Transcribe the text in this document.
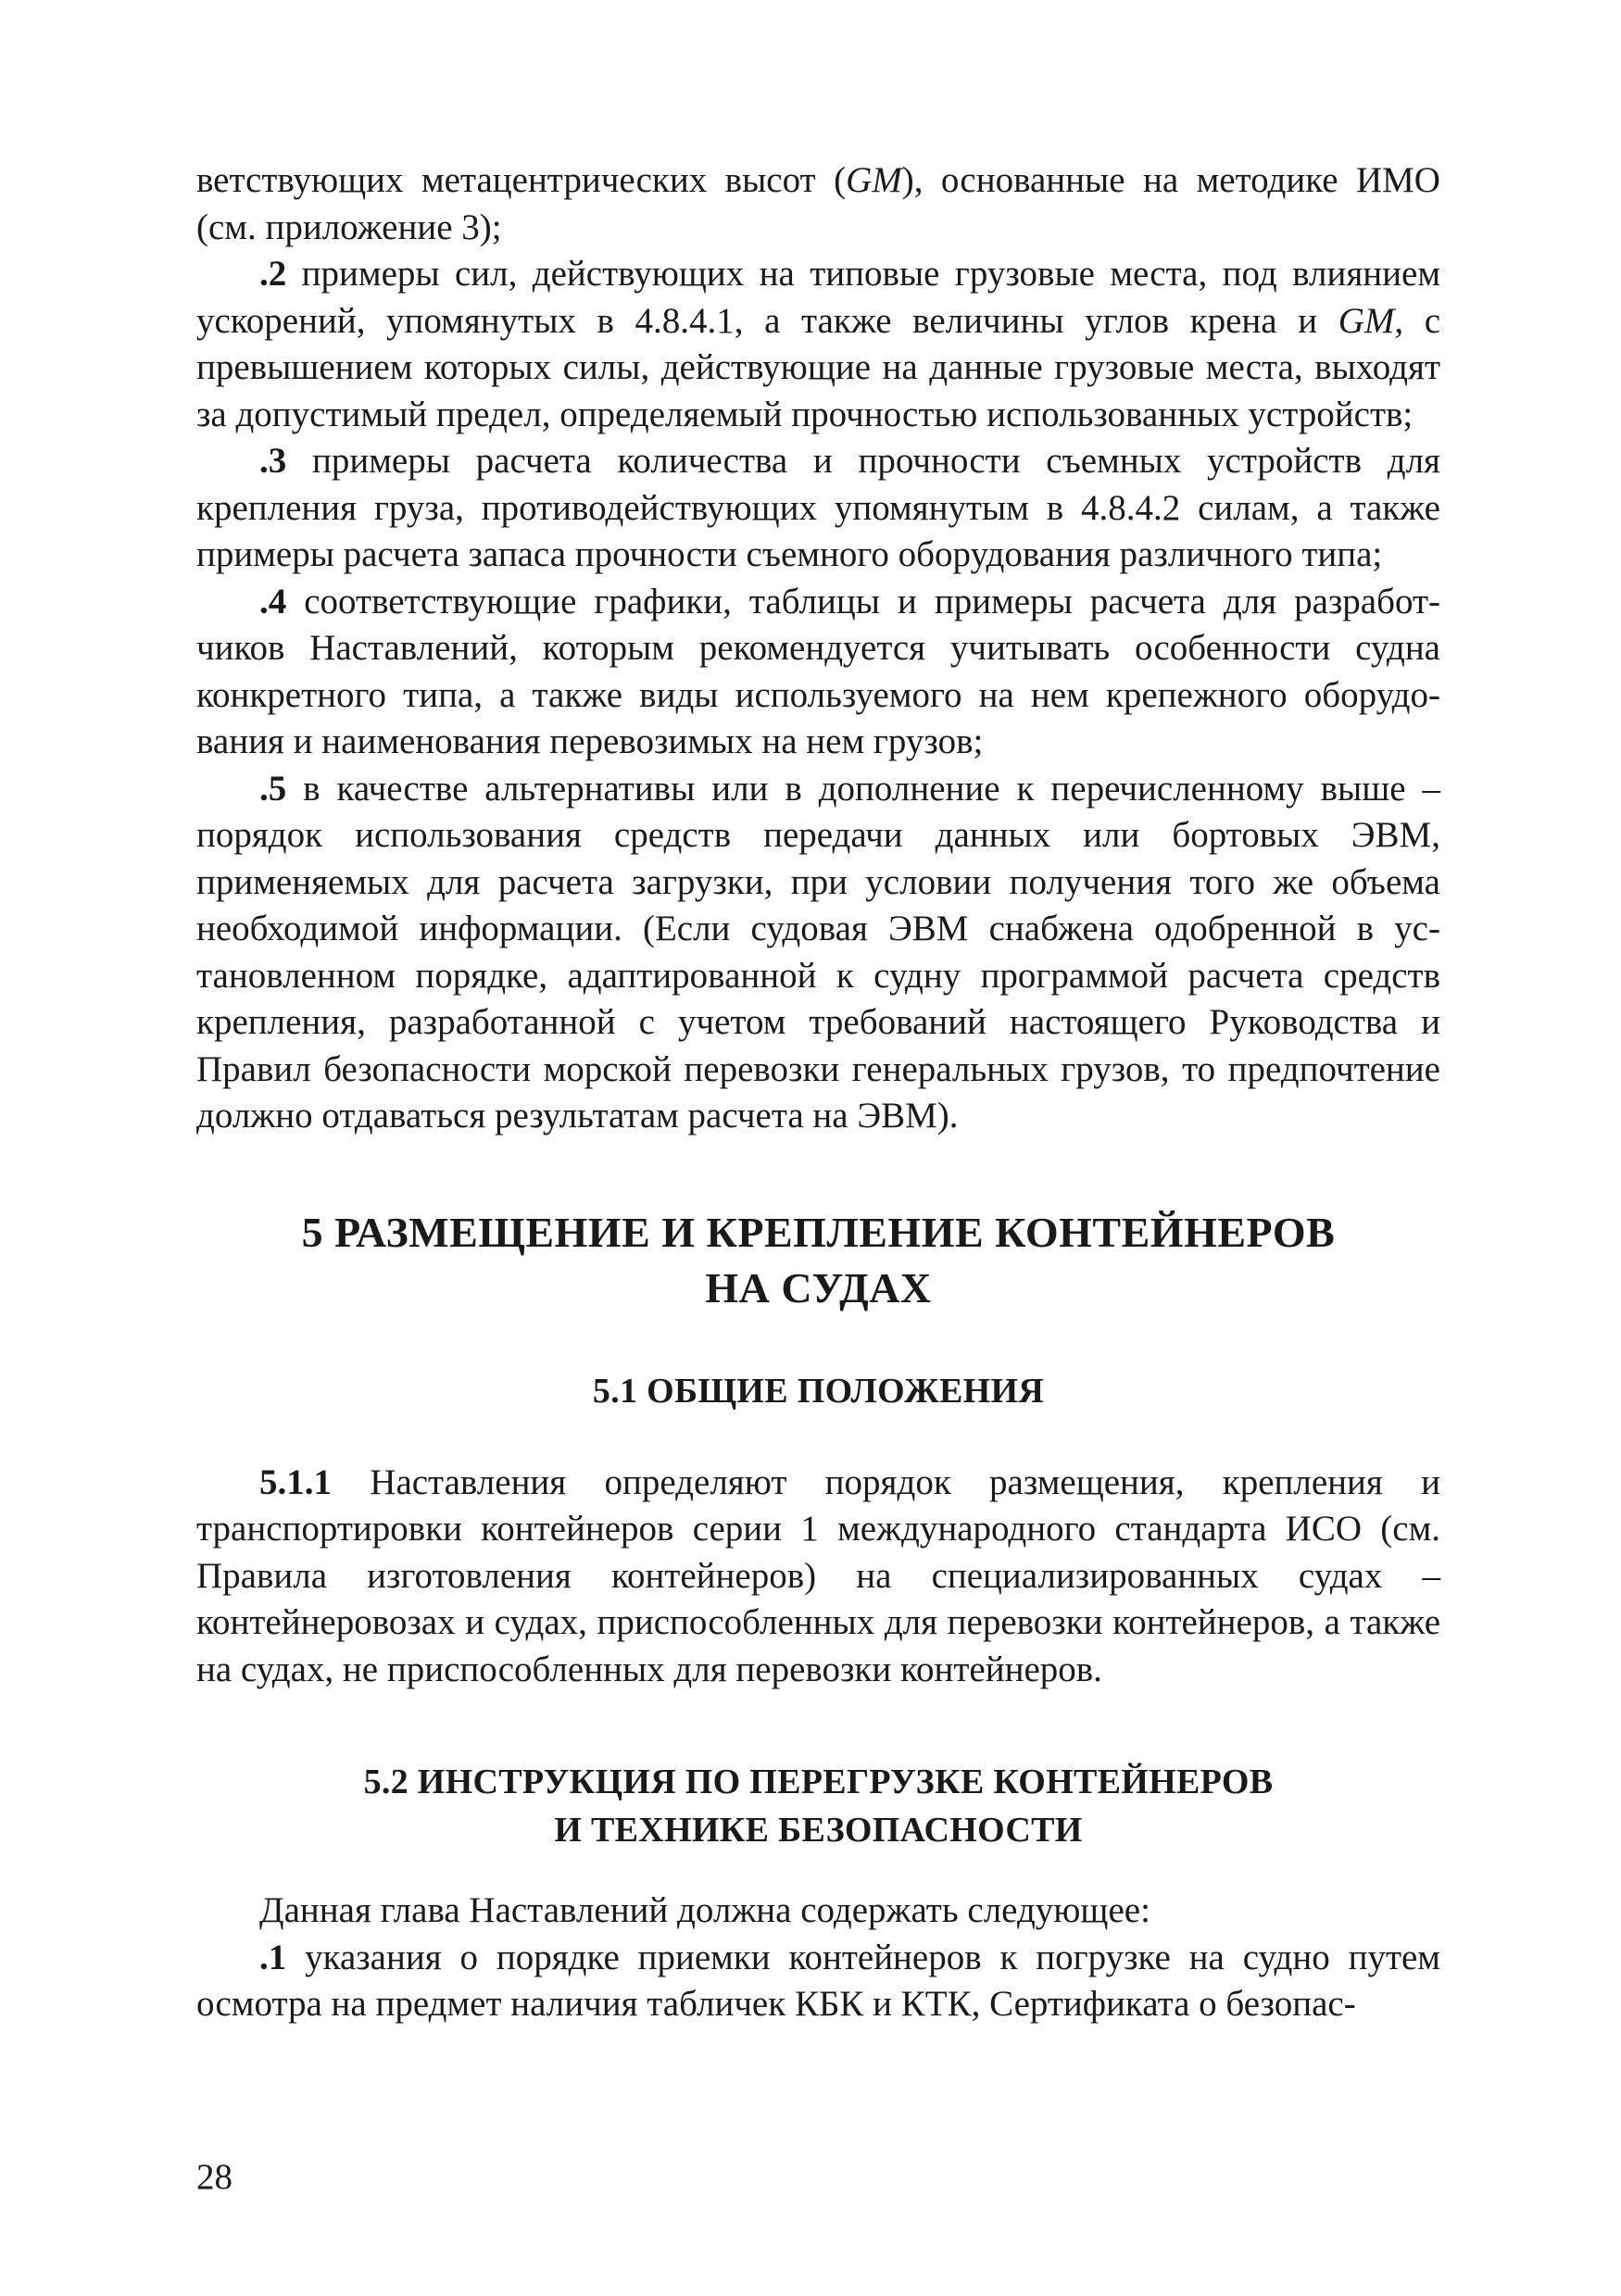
ветствующих метацентрических высот (GM), основанные на методике ИМО (см. приложение 3);

.2 примеры сил, действующих на типовые грузовые места, под влиянием ускорений, упомянутых в 4.8.4.1, а также величины углов крена и GM, с превышением которых силы, действующие на данные грузовые места, выходят за допустимый предел, определяемый прочностью использованных устройств;

.3 примеры расчета количества и прочности съемных устройств для крепления груза, противодействующих упомянутым в 4.8.4.2 силам, а также примеры расчета запаса прочности съемного оборудования различного типа;

.4 соответствующие графики, таблицы и примеры расчета для разработчиков Наставлений, которым рекомендуется учитывать особенности судна конкретного типа, а также виды используемого на нем крепежного оборудования и наименования перевозимых на нем грузов;

.5 в качестве альтернативы или в дополнение к перечисленному выше – порядок использования средств передачи данных или бортовых ЭВМ, применяемых для расчета загрузки, при условии получения того же объема необходимой информации. (Если судовая ЭВМ снабжена одобренной в установленном порядке, адаптированной к судну программой расчета средств крепления, разработанной с учетом требований настоящего Руководства и Правил безопасности морской перевозки генеральных грузов, то предпочтение должно отдаваться результатам расчета на ЭВМ).

5 РАЗМЕЩЕНИЕ И КРЕПЛЕНИЕ КОНТЕЙНЕРОВ
НА СУДАХ
5.1 ОБЩИЕ ПОЛОЖЕНИЯ

5.1.1 Наставления определяют порядок размещения, крепления и транспортировки контейнеров серии 1 международного стандарта ИСО (см. Правила изготовления контейнеров) на специализированных судах – контейнеровозах и судах, приспособленных для перевозки контейнеров, а также на судах, не приспособленных для перевозки контейнеров.

5.2 ИНСТРУКЦИЯ ПО ПЕРЕГРУЗКЕ КОНТЕЙНЕРОВ
И ТЕХНИКЕ БЕЗОПАСНОСТИ

Данная глава Наставлений должна содержать следующее:

.1 указания о порядке приемки контейнеров к погрузке на судно путем осмотра на предмет наличия табличек КБК и КТК, Сертификата о безопас-

28
